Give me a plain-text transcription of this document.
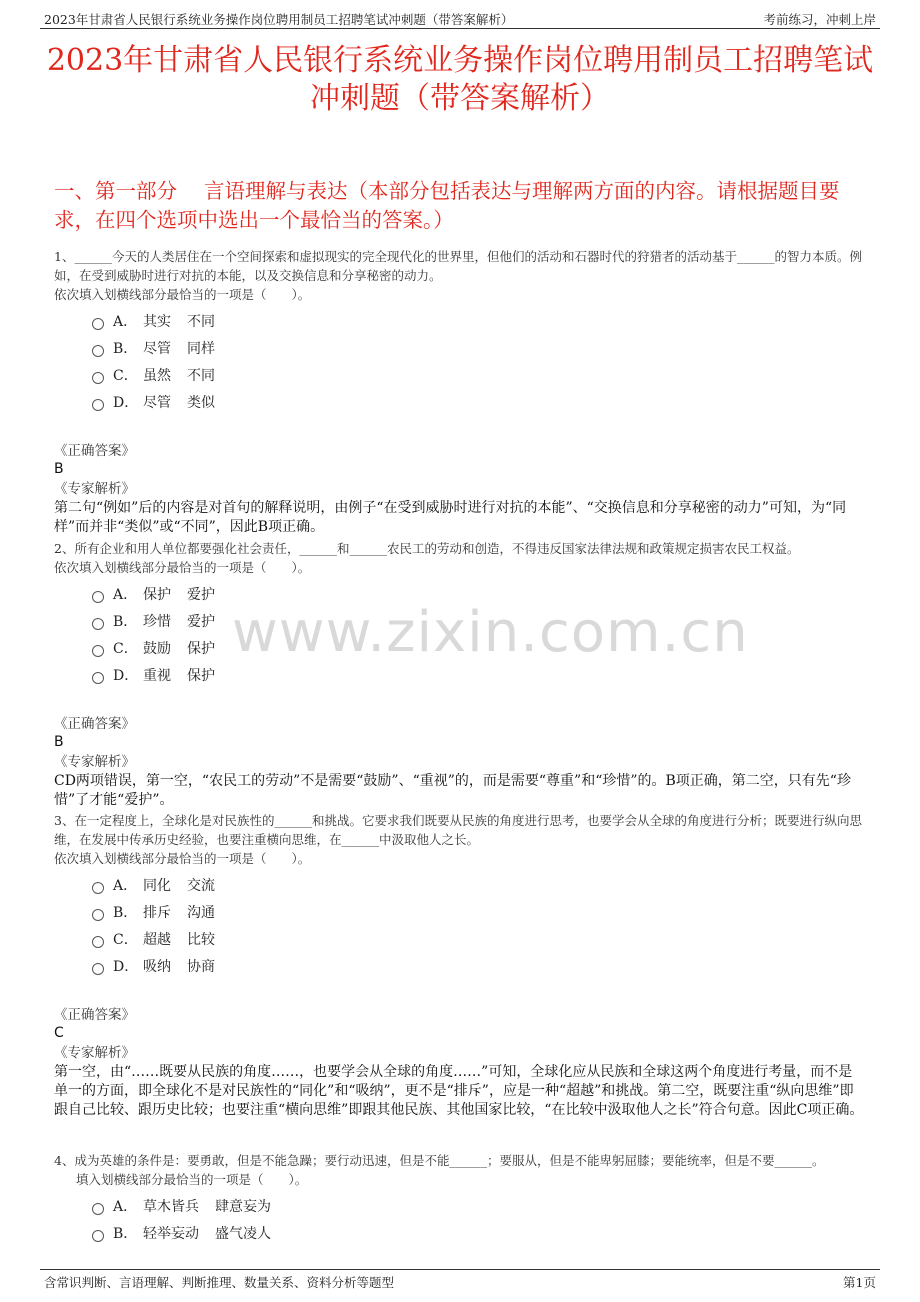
2023年甘肃省人民银行系统业务操作岗位聘用制员工招聘笔试冲刺题（带答案解析）	考前练习，冲刺上岸
2023年甘肃省人民银行系统业务操作岗位聘用制员工招聘笔试冲刺题（带答案解析）
一、第一部分　 言语理解与表达（本部分包括表达与理解两方面的内容。请根据题目要求，在四个选项中选出一个最恰当的答案。）
www.zixin.com.cn
1、______今天的人类居住在一个空间探索和虚拟现实的完全现代化的世界里，但他们的活动和石器时代的狩猎者的活动基于______的智力本质。例如，在受到威胁时进行对抗的本能，以及交换信息和分享秘密的动力。
依次填入划横线部分最恰当的一项是（　　）。
A． 其实	不同
B． 尽管	同样
C． 虽然	不同
D． 尽管	类似
《正确答案》
B
《专家解析》
第二句“例如”后的内容是对首句的解释说明，由例子“在受到威胁时进行对抗的本能”、“交换信息和分享秘密的动力”可知，为“同样”而并非“类似”或“不同”，因此B项正确。
2、所有企业和用人单位都要强化社会责任，______和______农民工的劳动和创造，不得违反国家法律法规和政策规定损害农民工权益。
依次填入划横线部分最恰当的一项是（　　）。
A． 保护	爱护
B． 珍惜	爱护
C． 鼓励	保护
D． 重视	保护
《正确答案》
B
《专家解析》
CD两项错误，第一空，“农民工的劳动”不是需要“鼓励”、“重视”的，而是需要“尊重”和“珍惜”的。B项正确，第二空，只有先“珍惜”了才能“爱护”。
3、在一定程度上，全球化是对民族性的______和挑战。它要求我们既要从民族的角度进行思考，也要学会从全球的角度进行分析；既要进行纵向思维，在发展中传承历史经验，也要注重横向思维，在______中汲取他人之长。
依次填入划横线部分最恰当的一项是（　　）。
A． 同化	交流
B． 排斥	沟通
C． 超越	比较
D． 吸纳	协商
《正确答案》
C
《专家解析》
第一空，由“……既要从民族的角度……，也要学会从全球的角度……”可知，全球化应从民族和全球这两个角度进行考量，而不是单一的方面，即全球化不是对民族性的“同化”和“吸纳”，更不是“排斥”，应是一种“超越”和挑战。第二空，既要注重“纵向思维”即跟自己比较、跟历史比较；也要注重“横向思维”即跟其他民族、其他国家比较，“在比较中汲取他人之长”符合句意。因此C项正确。
4、成为英雄的条件是：要勇敢，但是不能急躁；要行动迅速，但是不能______；要服从，但是不能卑躬屈膝；要能统率，但是不要______。
填入划横线部分最恰当的一项是（　　）。
A． 草木皆兵	肆意妄为
B． 轻举妄动	盛气凌人
含常识判断、言语理解、判断推理、数量关系、资料分析等题型	第1页
